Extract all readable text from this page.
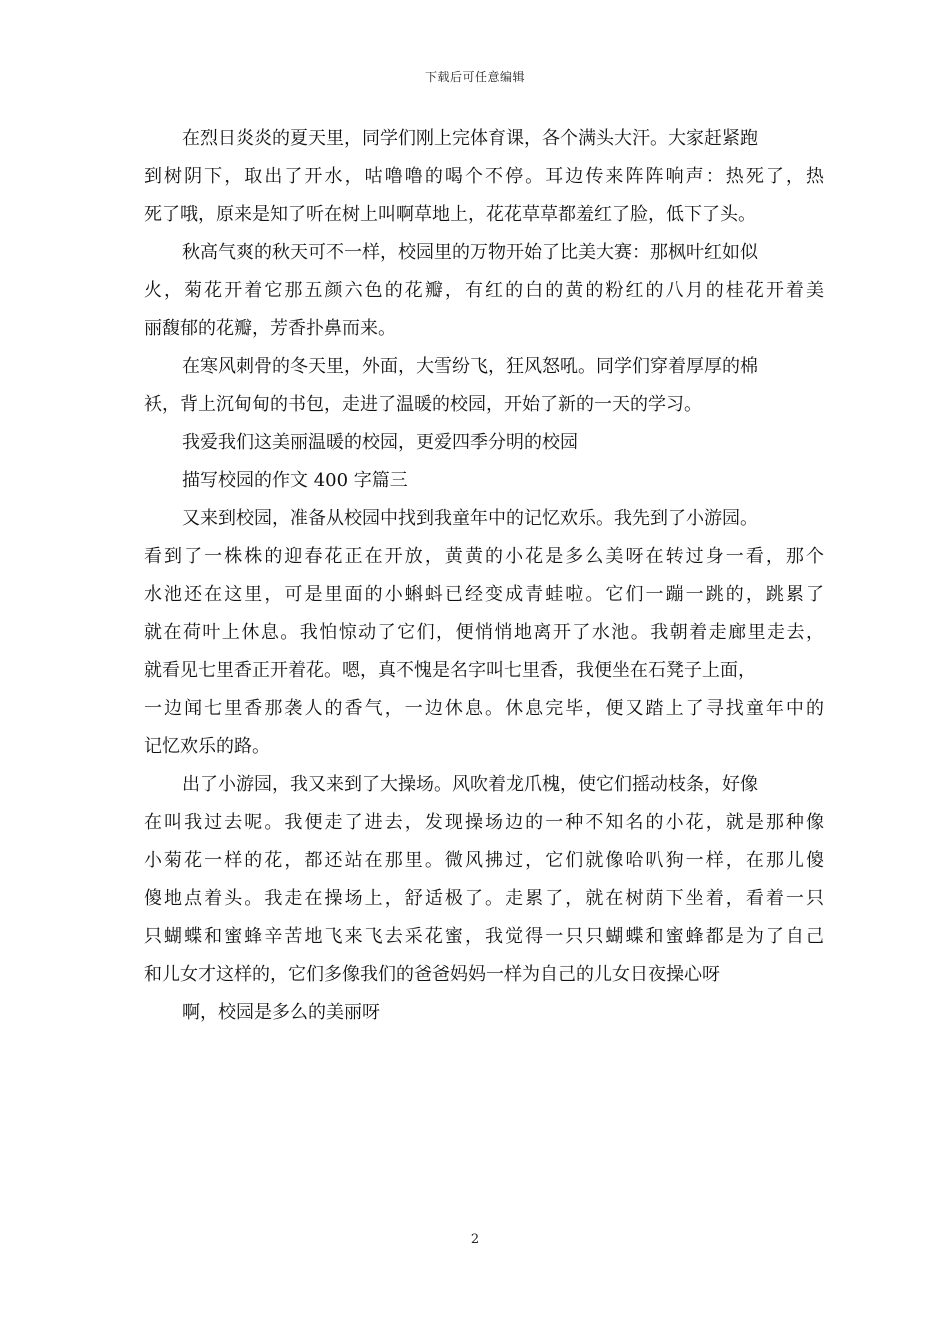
下载后可任意编辑
在烈日炎炎的夏天里，同学们刚上完体育课，各个满头大汗。大家赶紧跑
到树阴下，取出了开水，咕噜噜的喝个不停。耳边传来阵阵响声：热死了，热
死了哦，原来是知了听在树上叫啊草地上，花花草草都羞红了脸，低下了头。
秋高气爽的秋天可不一样，校园里的万物开始了比美大赛：那枫叶红如似
火，菊花开着它那五颜六色的花瓣，有红的白的黄的粉红的八月的桂花开着美
丽馥郁的花瓣，芳香扑鼻而来。
在寒风刺骨的冬天里，外面，大雪纷飞，狂风怒吼。同学们穿着厚厚的棉
袄，背上沉甸甸的书包，走进了温暖的校园，开始了新的一天的学习。
我爱我们这美丽温暖的校园，更爱四季分明的校园
描写校园的作文 400 字篇三
又来到校园，准备从校园中找到我童年中的记忆欢乐。我先到了小游园。
看到了一株株的迎春花正在开放，黄黄的小花是多么美呀在转过身一看，那个
水池还在这里，可是里面的小蝌蚪已经变成青蛙啦。它们一蹦一跳的，跳累了
就在荷叶上休息。我怕惊动了它们，便悄悄地离开了水池。我朝着走廊里走去，
就看见七里香正开着花。嗯，真不愧是名字叫七里香，我便坐在石凳子上面，
一边闻七里香那袭人的香气，一边休息。休息完毕，便又踏上了寻找童年中的
记忆欢乐的路。
出了小游园，我又来到了大操场。风吹着龙爪槐，使它们摇动枝条，好像
在叫我过去呢。我便走了进去，发现操场边的一种不知名的小花，就是那种像
小菊花一样的花，都还站在那里。微风拂过，它们就像哈叭狗一样，在那儿傻
傻地点着头。我走在操场上，舒适极了。走累了，就在树荫下坐着，看着一只
只蝴蝶和蜜蜂辛苦地飞来飞去采花蜜，我觉得一只只蝴蝶和蜜蜂都是为了自己
和儿女才这样的，它们多像我们的爸爸妈妈一样为自己的儿女日夜操心呀
啊，校园是多么的美丽呀
2
